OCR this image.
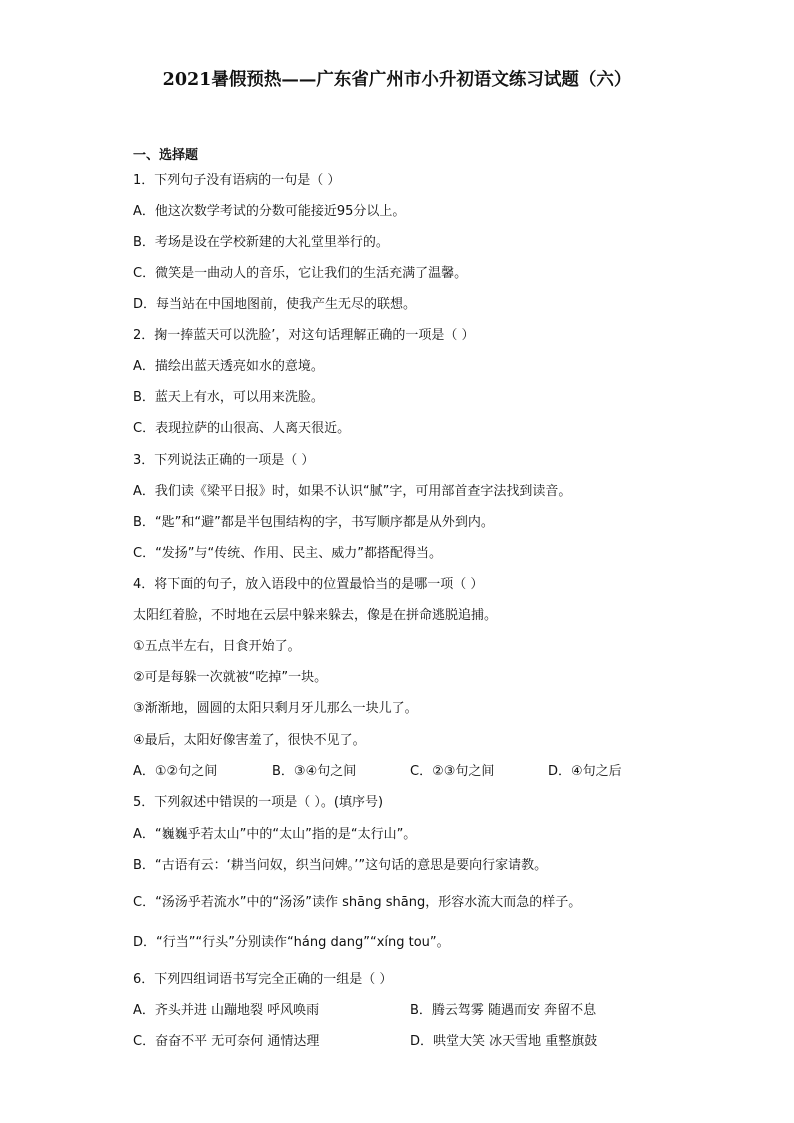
2021暑假预热——广东省广州市小升初语文练习试题（六）
一、选择题
1．下列句子没有语病的一句是（ ）
A．他这次数学考试的分数可能接近95分以上。
B．考场是设在学校新建的大礼堂里举行的。
C．微笑是一曲动人的音乐，它让我们的生活充满了温馨。
D．每当站在中国地图前，使我产生无尽的联想。
2．掬一捧蓝天可以洗脸’，对这句话理解正确的一项是（ ）
A．描绘出蓝天透亮如水的意境。
B．蓝天上有水，可以用来洗脸。
C．表现拉萨的山很高、人离天很近。
3．下列说法正确的一项是（ ）
A．我们读《梁平日报》时，如果不认识“腻”字，可用部首查字法找到读音。
B．“匙”和“避”都是半包围结构的字，书写顺序都是从外到内。
C．“发扬”与“传统、作用、民主、威力”都搭配得当。
4．将下面的句子，放入语段中的位置最恰当的是哪一项（ ）
太阳红着脸，不时地在云层中躲来躲去，像是在拼命逃脱追捕。
①五点半左右，日食开始了。
②可是每躲一次就被“吃掉”一块。
③渐渐地，圆圆的太阳只剩月牙儿那么一块儿了。
④最后，太阳好像害羞了，很快不见了。
A．①②句之间	B．③④句之间	C．②③句之间	D．④句之后
5．下列叙述中错误的一项是（ ）。(填序号)
A．“巍巍乎若太山”中的“太山”指的是“太行山”。
B．“古语有云：‘耕当问奴，织当问婢。’”这句话的意思是要向行家请教。
C．“汤汤乎若流水”中的“汤汤”读作 shāng shāng，形容水流大而急的样子。
D．“行当”“行头”分别读作“háng dang”“xíng tou”。
6．下列四组词语书写完全正确的一组是（ ）
A．齐头并进 山蹦地裂 呼风唤雨	B．腾云驾雾 随遇而安 奔留不息
C．奋奋不平 无可奈何 通情达理	D．哄堂大笑 冰天雪地 重整旗鼓
